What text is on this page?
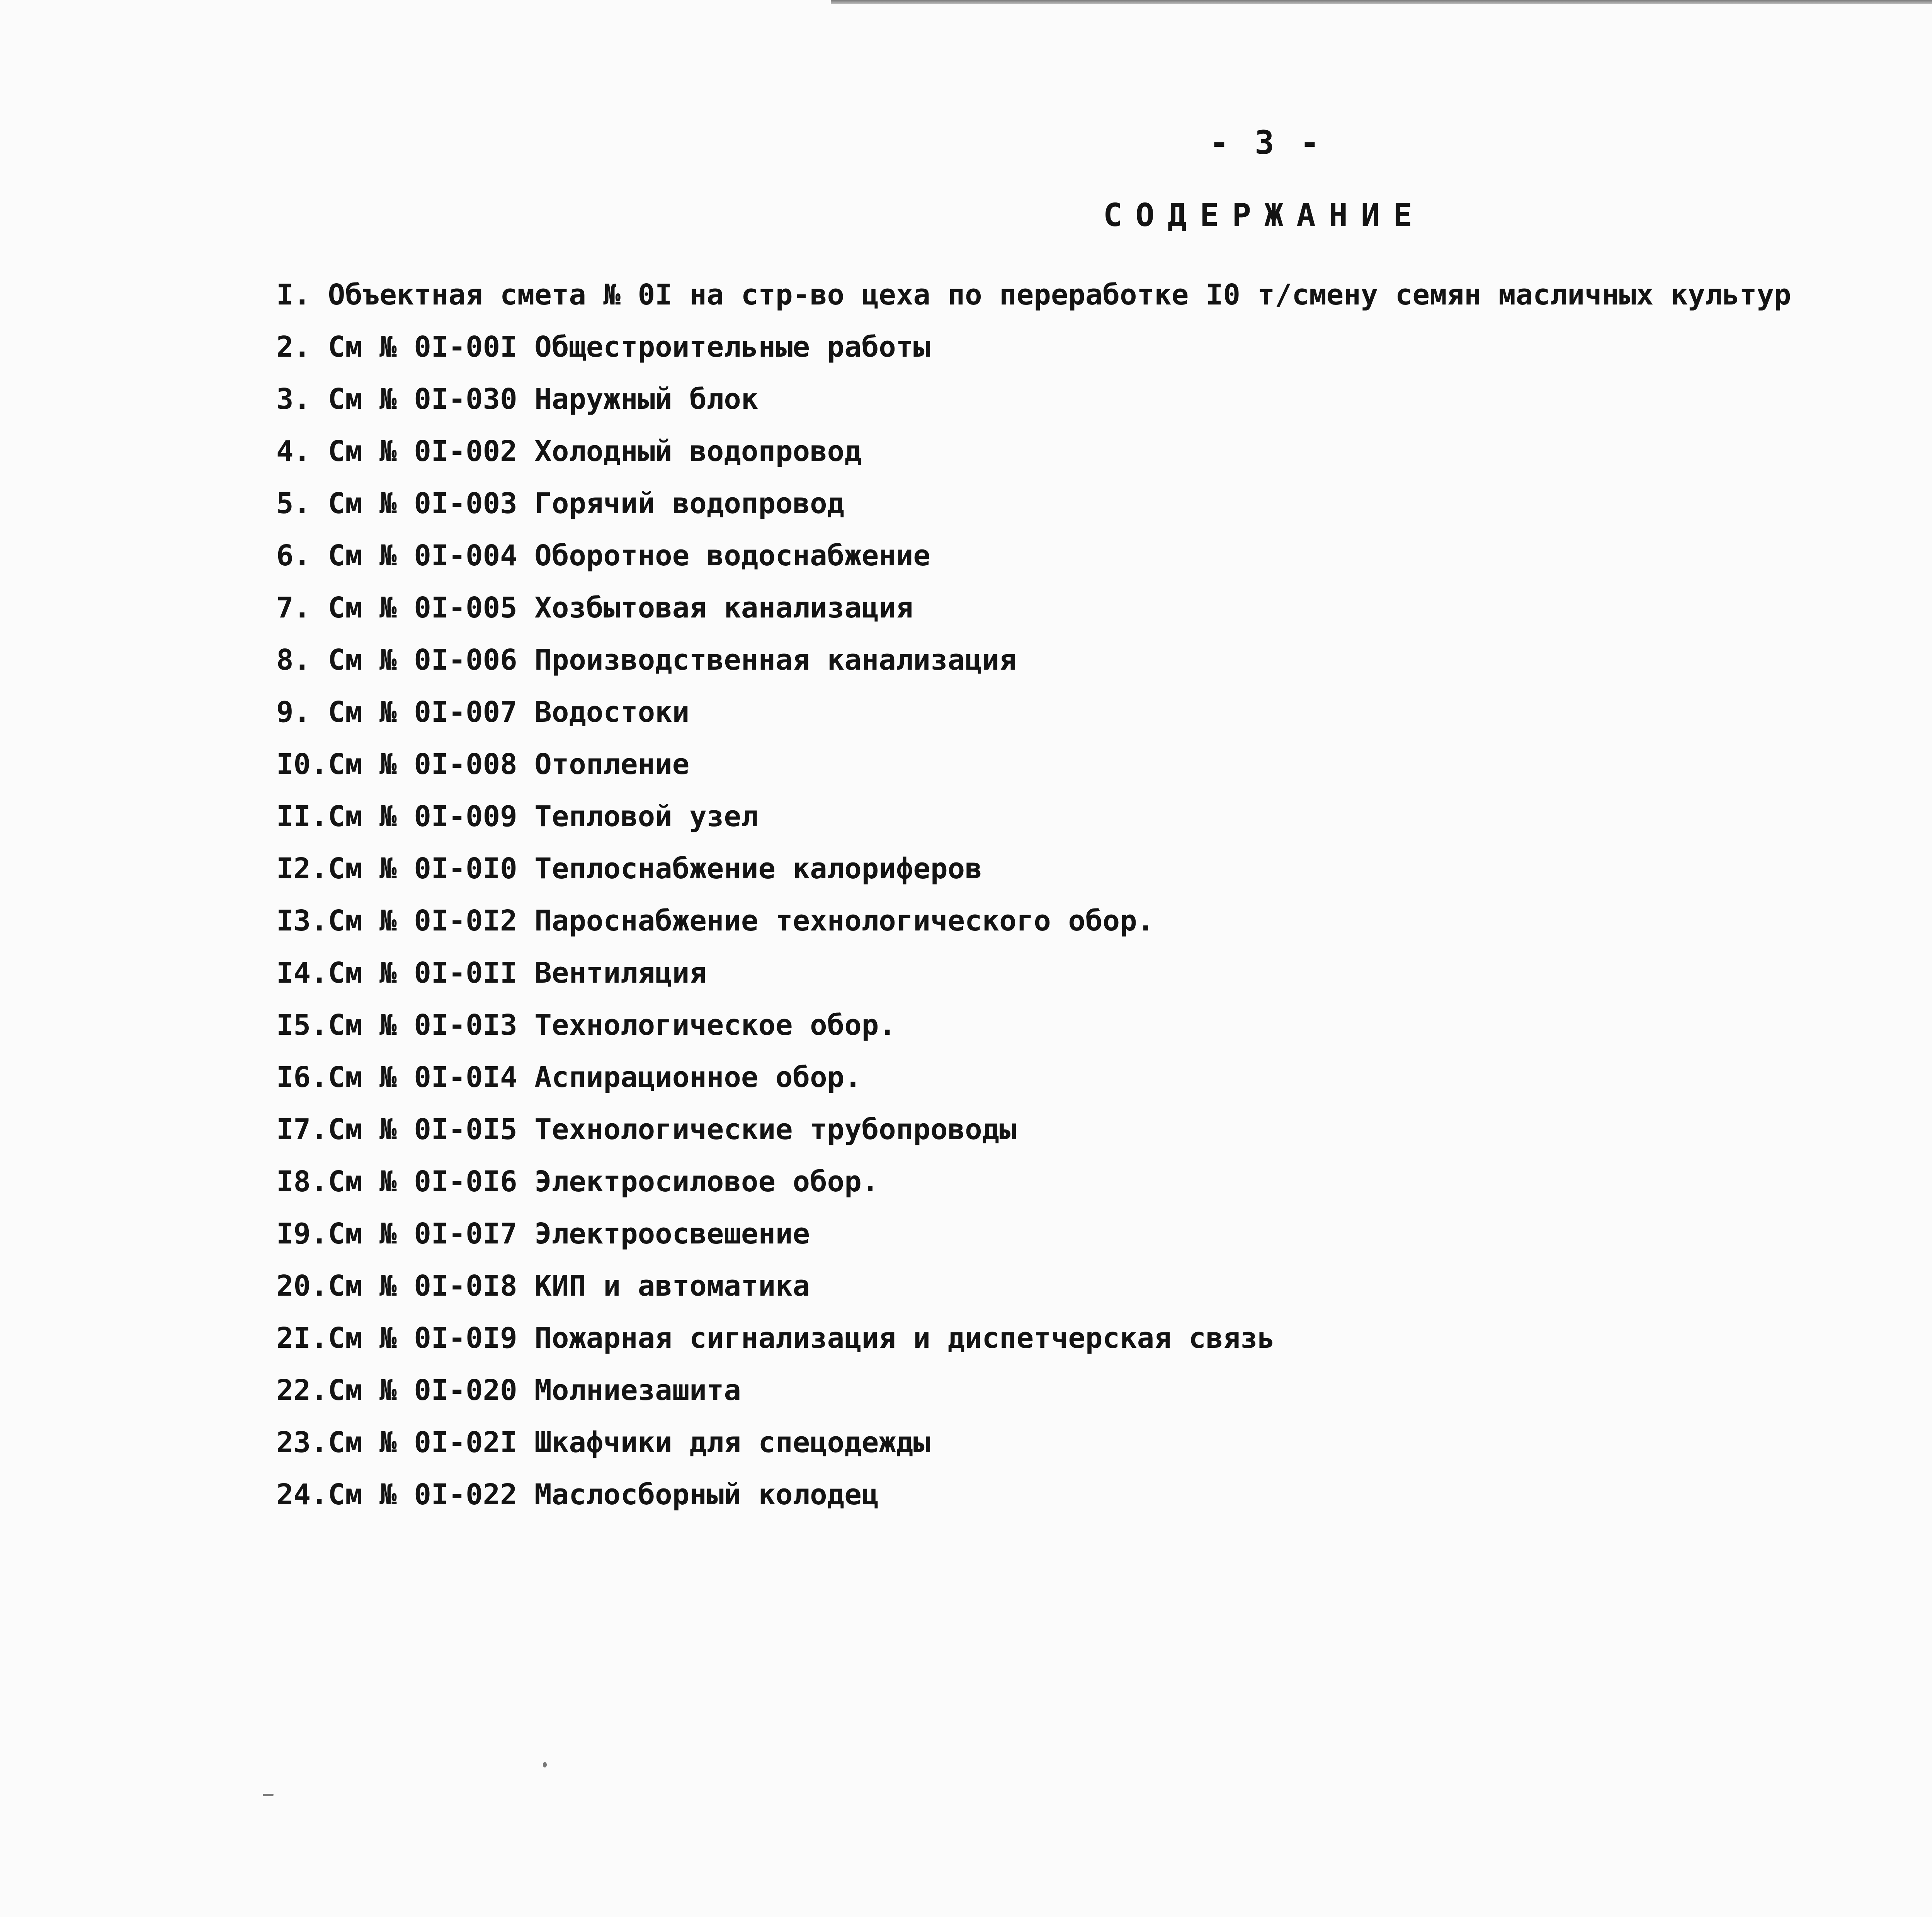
- 3 -
СОДЕРЖАНИЕ
I. Объектная смета № 0I на стр-во цеха по переработке I0 т/смену семян масличных культур
2. См № 0I-00I Общестроительные работы
3. См № 0I-030 Наружный блок
4. См № 0I-002 Холодный водопровод
5. См № 0I-003 Горячий водопровод
6. См № 0I-004 Оборотное водоснабжение
7. См № 0I-005 Хозбытовая канализация
8. См № 0I-006 Производственная канализация
9. См № 0I-007 Водостоки
I0.См № 0I-008 Отопление
II.См № 0I-009 Тепловой узел
I2.См № 0I-0I0 Теплоснабжение калориферов
I3.См № 0I-0I2 Пароснабжение технологического обор.
I4.См № 0I-0II Вентиляция
I5.См № 0I-0I3 Технологическое обор.
I6.См № 0I-0I4 Аспирационное обор.
I7.См № 0I-0I5 Технологические трубопроводы
I8.См № 0I-0I6 Электросиловое обор.
I9.См № 0I-0I7 Электроосвешение
20.См № 0I-0I8 КИП и автоматика
2I.См № 0I-0I9 Пожарная сигнализация и диспетчерская связь
22.См № 0I-020 Молниезашита
23.См № 0I-02I Шкафчики для спецодежды
24.См № 0I-022 Маслосборный колодец
